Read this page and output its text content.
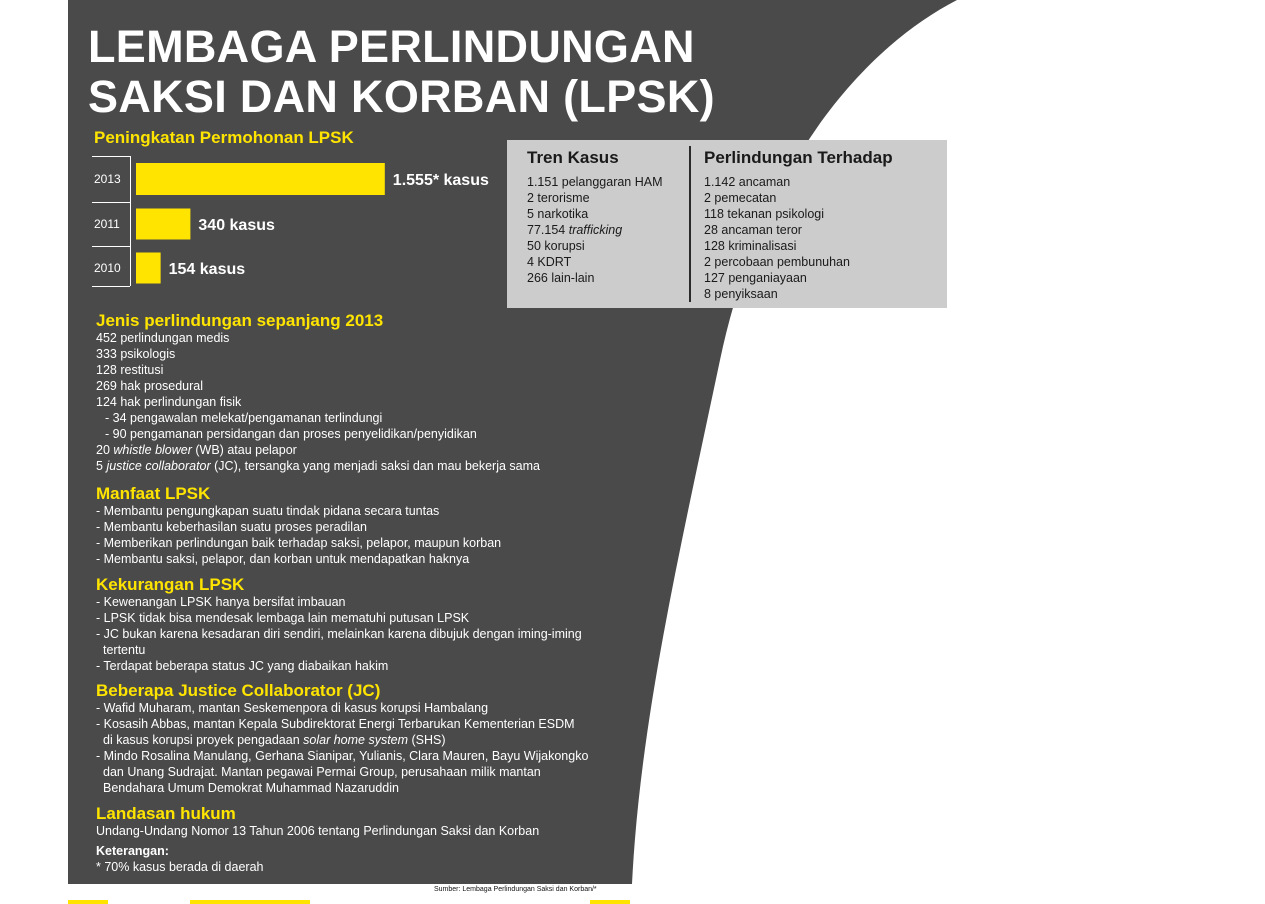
LEMBAGA PERLINDUNGAN
SAKSI DAN KORBAN (LPSK)
Peningkatan Permohonan LPSK
2013	1.555* kasus
2011	340 kasus
2010	154 kasus
Tren Kasus
1.151 pelanggaran HAM
2 terorisme
5 narkotika
77.154 trafficking
50 korupsi
4 KDRT
266 lain-lain
Perlindungan Terhadap
1.142 ancaman
2 pemecatan
118 tekanan psikologi
28 ancaman teror
128 kriminalisasi
2 percobaan pembunuhan
127 penganiayaan
8 penyiksaan
Jenis perlindungan sepanjang 2013
452 perlindungan medis
333 psikologis
128 restitusi
269 hak prosedural
124 hak perlindungan fisik
- 34 pengawalan melekat/pengamanan terlindungi
- 90 pengamanan persidangan dan proses penyelidikan/penyidikan
20 whistle blower (WB) atau pelapor
5 justice collaborator (JC), tersangka yang menjadi saksi dan mau bekerja sama
Manfaat LPSK
- Membantu pengungkapan suatu tindak pidana secara tuntas
- Membantu keberhasilan suatu proses peradilan
- Memberikan perlindungan baik terhadap saksi, pelapor, maupun korban
- Membantu saksi, pelapor, dan korban untuk mendapatkan haknya
Kekurangan LPSK
- Kewenangan LPSK hanya bersifat imbauan
- LPSK tidak bisa mendesak lembaga lain mematuhi putusan LPSK
- JC bukan karena kesadaran diri sendiri, melainkan karena dibujuk dengan iming-iming
tertentu
- Terdapat beberapa status JC yang diabaikan hakim
Beberapa Justice Collaborator (JC)
- Wafid Muharam, mantan Seskemenpora di kasus korupsi Hambalang
- Kosasih Abbas, mantan Kepala Subdirektorat Energi Terbarukan Kementerian ESDM
di kasus korupsi proyek pengadaan solar home system (SHS)
- Mindo Rosalina Manulang, Gerhana Sianipar, Yulianis, Clara Mauren, Bayu Wijakongko
dan Unang Sudrajat. Mantan pegawai Permai Group, perusahaan milik mantan
Bendahara Umum Demokrat Muhammad Nazaruddin
Landasan hukum
Undang-Undang Nomor 13 Tahun 2006 tentang Perlindungan Saksi dan Korban
Keterangan:
* 70% kasus berada di daerah
Sumber: Lembaga Perlindungan Saksi dan Korban/*
